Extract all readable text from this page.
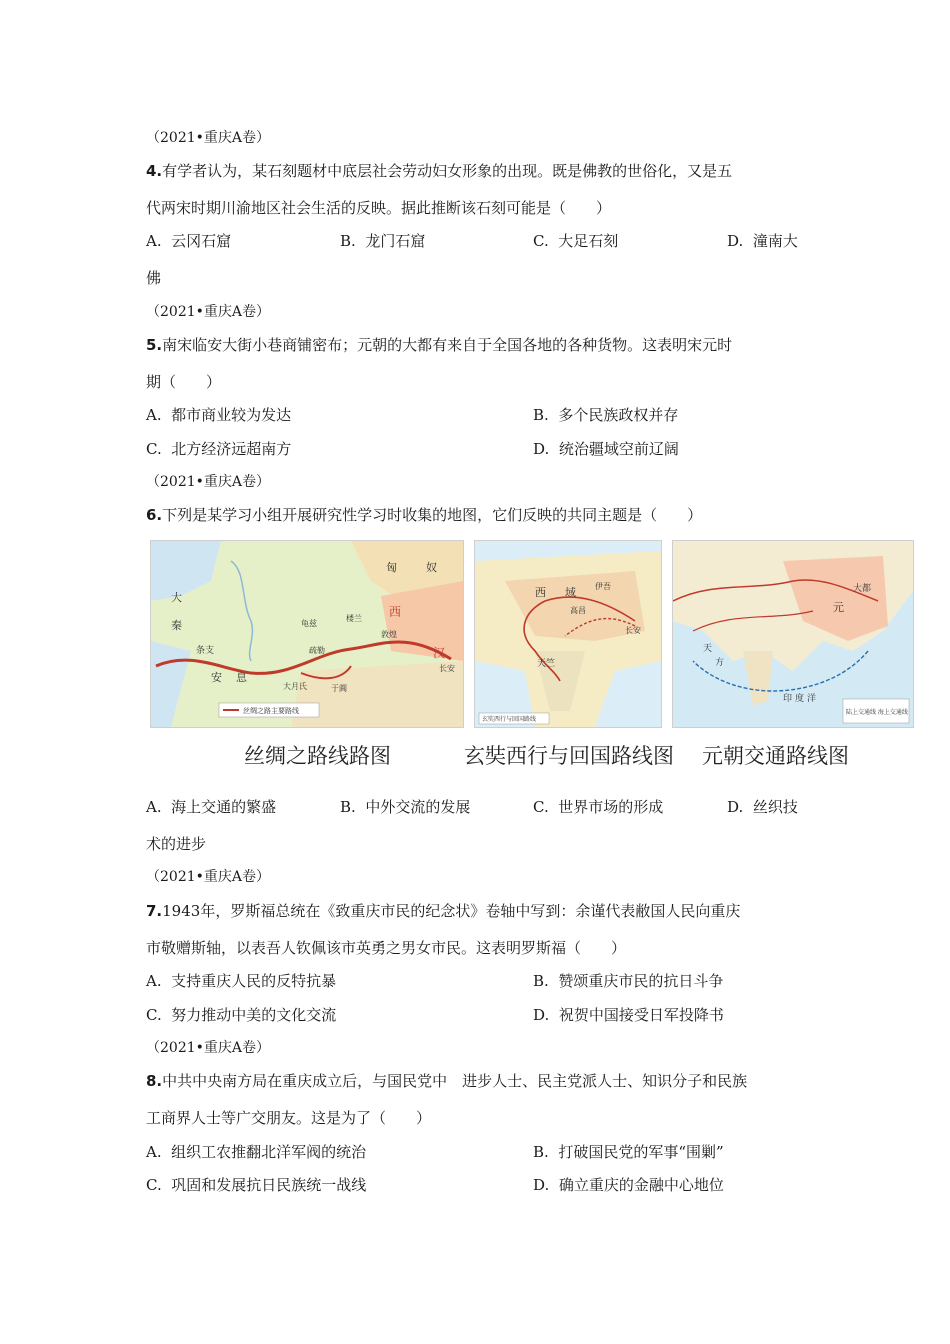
（2021•重庆A卷）
4.有学者认为，某石刻题材中底层社会劳动妇女形象的出现。既是佛教的世俗化，又是五
代两宋时期川渝地区社会生活的反映。据此推断该石刻可能是（　　）
A. 云冈石窟	B. 龙门石窟	C. 大足石刻	D. 潼南大
佛
（2021•重庆A卷）
5.南宋临安大街小巷商铺密布；元朝的大都有来自于全国各地的各种货物。这表明宋元时
期（　　）
A. 都市商业较为发达	B. 多个民族政权并存
C. 北方经济远超南方	D. 统治疆域空前辽阔
（2021•重庆A卷）
6.下列是某学习小组开展研究性学习时收集的地图，它们反映的共同主题是（　　）
丝绸之路主要路线
大
秦
安 息
匈	奴
西
汉
长安
敦煌
楼兰
大月氏
疏勒
于阗
条支
龟兹
玄奘西行与回国路线
西 域
天竺
长安
伊吾
高昌
陆上交通线 海上交通线
大都
元
天
方
印 度 洋
丝绸之路线路图	玄奘西行与回国路线图 元朝交通路线图
A. 海上交通的繁盛	B. 中外交流的发展	C. 世界市场的形成	D. 丝织技
术的进步
（2021•重庆A卷）
7.1943年，罗斯福总统在《致重庆市民的纪念状》卷轴中写到：余谨代表敝国人民向重庆
市敬赠斯轴，以表吾人钦佩该市英勇之男女市民。这表明罗斯福（　　）
A. 支持重庆人民的反特抗暴	B. 赞颂重庆市民的抗日斗争
C. 努力推动中美的文化交流	D. 祝贺中国接受日军投降书
（2021•重庆A卷）
8.中共中央南方局在重庆成立后，与国民党中　进步人士、民主党派人士、知识分子和民族
工商界人士等广交朋友。这是为了（　　）
A. 组织工农推翻北洋军阀的统治	B. 打破国民党的军事“围剿”
C. 巩固和发展抗日民族统一战线	D. 确立重庆的金融中心地位
